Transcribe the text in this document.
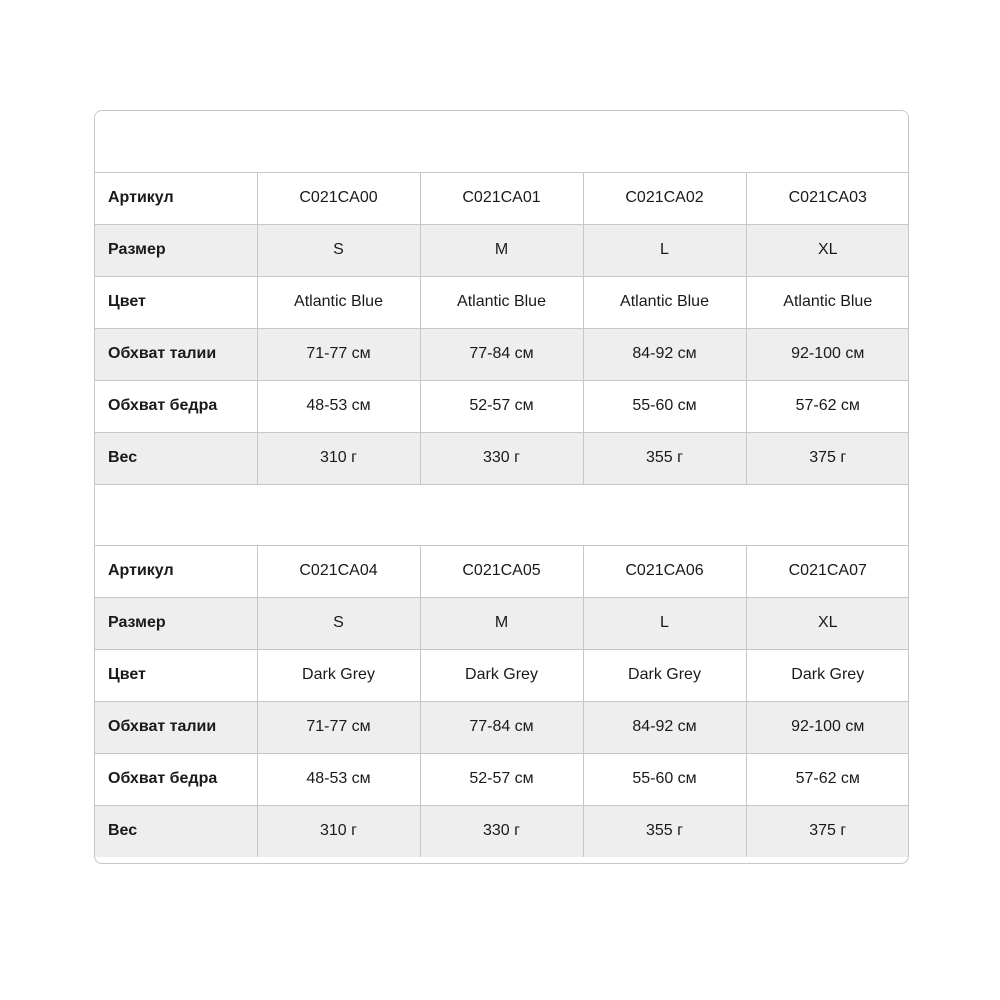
Артикул	C021CA00	C021CA01	C021CA02	C021CA03
Размер	S	M	L	XL
Цвет	Atlantic Blue	Atlantic Blue	Atlantic Blue	Atlantic Blue
Обхват талии	71-77 см	77-84 см	84-92 см	92-100 см
Обхват бедра	48-53 см	52-57 см	55-60 см	57-62 см
Вес	310 г	330 г	355 г	375 г

Артикул	C021CA04	C021CA05	C021CA06	C021CA07
Размер	S	M	L	XL
Цвет	Dark Grey	Dark Grey	Dark Grey	Dark Grey
Обхват талии	71-77 см	77-84 см	84-92 см	92-100 см
Обхват бедра	48-53 см	52-57 см	55-60 см	57-62 см
Вес	310 г	330 г	355 г	375 г
